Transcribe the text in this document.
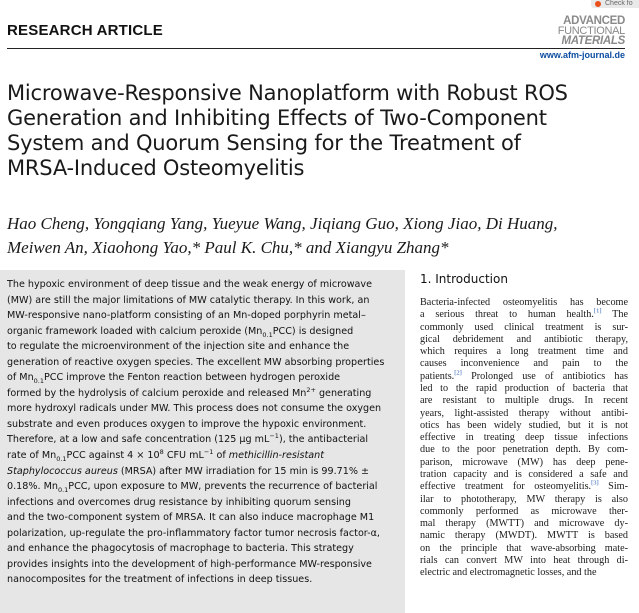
Check fo
RESEARCH ARTICLE
ADVANCED
FUNCTIONAL
MATERIALS
www.afm-journal.de
Microwave-Responsive Nanoplatform with Robust ROS
Generation and Inhibiting Effects of Two-Component
System and Quorum Sensing for the Treatment of
MRSA-Induced Osteomyelitis

Hao Cheng, Yongqiang Yang, Yueyue Wang, Jiqiang Guo, Xiong Jiao, Di Huang,
Meiwen An, Xiaohong Yao,* Paul K. Chu,* and Xiangyu Zhang*

The hypoxic environment of deep tissue and the weak energy of microwave
(MW) are still the major limitations of MW catalytic therapy. In this work, an
MW-responsive nano-platform consisting of an Mn-doped porphyrin metal–
organic framework loaded with calcium peroxide $(Mn_{0.1}PCC)$ is designed
to regulate the microenvironment of the injection site and enhance the
generation of reactive oxygen species. The excellent MW absorbing properties
of $Mn_{0.1}PCC$ improve the Fenton reaction between hydrogen peroxide
formed by the hydrolysis of calcium peroxide and released $Mn^{2+}$ generating
more hydroxyl radicals under MW. This process does not consume the oxygen
substrate and even produces oxygen to improve the hypoxic environment.
Therefore, at a low and safe concentration (125 µg $mL^{-1}$), the antibacterial
rate of $Mn_{0.1}PCC$ against $4 \times 10^8$ CFU $mL^{-1}$ of methicillin-resistant
Staphylococcus aureus (MRSA) after MW irradiation for 15 min is 99.71% ±
0.18%. $Mn_{0.1}PCC$, upon exposure to MW, prevents the recurrence of bacterial
infections and overcomes drug resistance by inhibiting quorum sensing
and the two-component system of MRSA. It can also induce macrophage M1
polarization, up-regulate the pro-inflammatory factor tumor necrosis factor-α,
and enhance the phagocytosis of macrophage to bacteria. This strategy
provides insights into the development of high-performance MW-responsive
nanocomposites for the treatment of infections in deep tissues.
1. Introduction
Bacteria-infected osteomyelitis has become
a serious threat to human health.[1] The
commonly used clinical treatment is sur-
gical debridement and antibiotic therapy,
which requires a long treatment time and
causes inconvenience and pain to the
patients.[2] Prolonged use of antibiotics has
led to the rapid production of bacteria that
are resistant to multiple drugs. In recent
years, light-assisted therapy without antibi-
otics has been widely studied, but it is not
effective in treating deep tissue infections
due to the poor penetration depth. By com-
parison, microwave (MW) has deep pene-
tration capacity and is considered a safe and
effective treatment for osteomyelitis.[3] Sim-
ilar to phototherapy, MW therapy is also
commonly performed as microwave ther-
mal therapy (MWTT) and microwave dy-
namic therapy (MWDT). MWTT is based
on the principle that wave-absorbing mate-
rials can convert MW into heat through di-
electric and electromagnetic losses, and the
